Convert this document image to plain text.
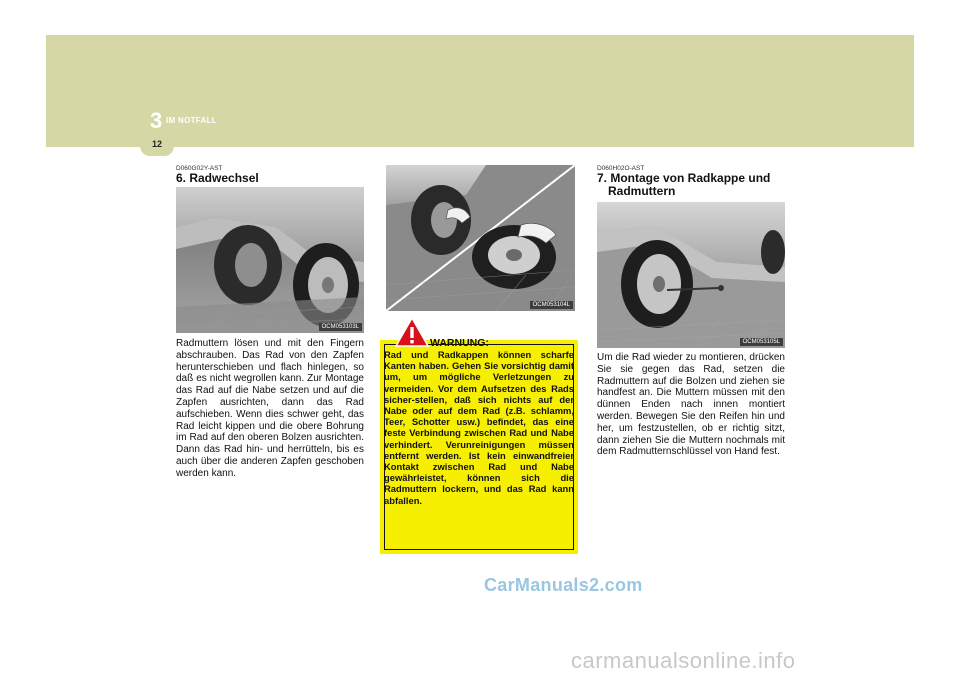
3 IM NOTFALL
12
D060G02Y-AST
6. Radwechsel
OCM053103L
Radmuttern lösen und mit den Fingern abschrauben. Das Rad von den Zapfen herunterschieben und flach hinlegen, so daß es nicht wegrollen kann. Zur Montage das Rad auf die Nabe setzen und auf die Zapfen ausrichten, dann das Rad aufschieben. Wenn dies schwer geht, das Rad leicht kippen und die obere Bohrung im Rad auf den oberen Bolzen ausrichten. Dann das Rad hin- und herrütteln, bis es auch über die anderen Zapfen geschoben werden kann.
OCM053104L
WARNUNG:
Rad und Radkappen können scharfe Kanten haben. Gehen Sie vorsichtig damit um, um mögliche Verletzungen zu vermeiden. Vor dem Aufsetzen des Rads sicher-stellen, daß sich nichts auf der Nabe oder auf dem Rad (z.B. schlamm, Teer, Schotter usw.) befindet, das eine feste Verbindung zwischen Rad und Nabe verhindert. Verunreinigungen müssen entfernt werden. Ist kein einwandfreier Kontakt zwischen Rad und Nabe gewährleistet, können sich die Radmuttern lockern, und das Rad kann abfallen.
D060H02O-AST
7. Montage von Radkappe und Radmuttern
OCM053105L
Um die Rad wieder zu montieren, drücken Sie sie gegen das Rad, setzen die Radmuttern auf die Bolzen und ziehen sie handfest an. Die Muttern müssen mit den dünnen Enden nach innen montiert werden. Bewegen Sie den Reifen hin und her, um festzustellen, ob er richtig sitzt, dann ziehen Sie die Muttern nochmals mit dem Radmutternschlüssel von Hand fest.
CarManuals2.com
carmanualsonline.info
